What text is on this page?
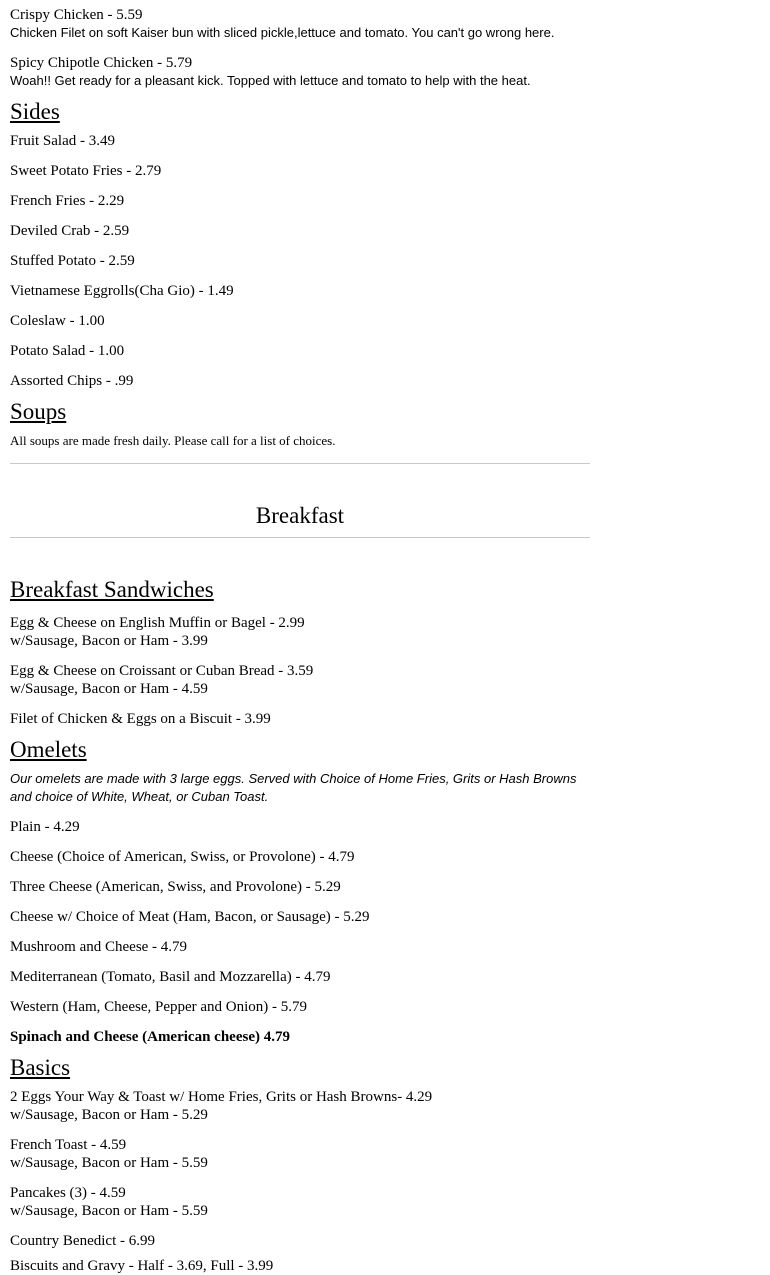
Crispy Chicken - 5.59
Chicken Filet on soft Kaiser bun with sliced pickle,lettuce and tomato. You can't go wrong here.
Spicy Chipotle Chicken - 5.79
Woah!! Get ready for a pleasant kick. Topped with lettuce and tomato to help with the heat.
Sides
Fruit Salad - 3.49
Sweet Potato Fries - 2.79
French Fries - 2.29
Deviled Crab - 2.59
Stuffed Potato - 2.59
Vietnamese Eggrolls(Cha Gio) - 1.49
Coleslaw - 1.00
Potato Salad - 1.00
Assorted Chips - .99
Soups
All soups are made fresh daily. Please call for a list of choices.
Breakfast
Breakfast Sandwiches
Egg & Cheese on English Muffin or Bagel - 2.99
w/Sausage, Bacon or Ham - 3.99
Egg & Cheese on Croissant or Cuban Bread - 3.59
w/Sausage, Bacon or Ham - 4.59
Filet of Chicken & Eggs on a Biscuit - 3.99
Omelets
Our omelets are made with 3 large eggs. Served with Choice of Home Fries, Grits or Hash Browns
and choice of White, Wheat, or Cuban Toast.
Plain - 4.29
Cheese (Choice of American, Swiss, or Provolone) - 4.79
Three Cheese (American, Swiss, and Provolone) - 5.29
Cheese w/ Choice of Meat (Ham, Bacon, or Sausage) - 5.29
Mushroom and Cheese - 4.79
Mediterranean (Tomato, Basil and Mozzarella) - 4.79
Western (Ham, Cheese, Pepper and Onion) - 5.79
Spinach and Cheese (American cheese) 4.79
Basics
2 Eggs Your Way & Toast w/ Home Fries, Grits or Hash Browns- 4.29
w/Sausage, Bacon or Ham - 5.29
French Toast - 4.59
w/Sausage, Bacon or Ham - 5.59
Pancakes (3) - 4.59
w/Sausage, Bacon or Ham - 5.59
Country Benedict - 6.99
Biscuits and Gravy - Half - 3.69, Full - 3.99
